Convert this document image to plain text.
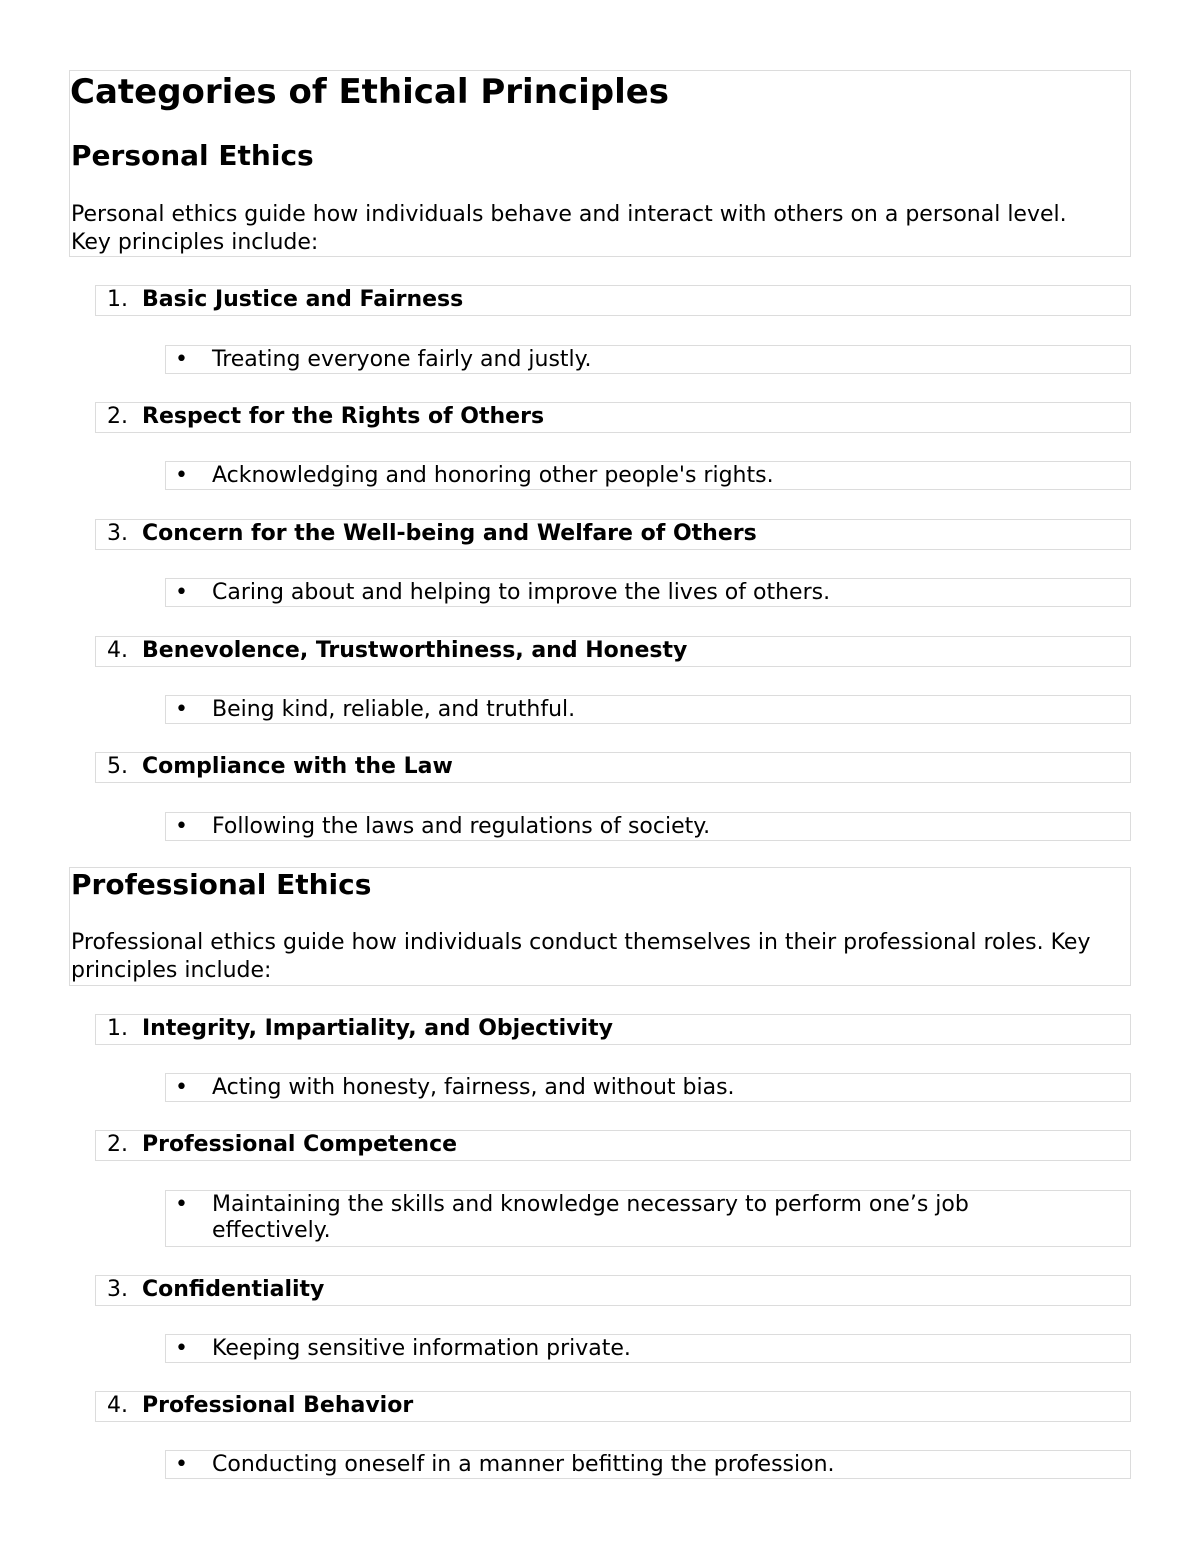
Categories of Ethical Principles
Personal Ethics
Personal ethics guide how individuals behave and interact with others on a personal level. Key principles include:
1. Basic Justice and Fairness
• Treating everyone fairly and justly.
2. Respect for the Rights of Others
• Acknowledging and honoring other people's rights.
3. Concern for the Well-being and Welfare of Others
• Caring about and helping to improve the lives of others.
4. Benevolence, Trustworthiness, and Honesty
• Being kind, reliable, and truthful.
5. Compliance with the Law
• Following the laws and regulations of society.
Professional Ethics
Professional ethics guide how individuals conduct themselves in their professional roles. Key principles include:
1. Integrity, Impartiality, and Objectivity
• Acting with honesty, fairness, and without bias.
2. Professional Competence
• Maintaining the skills and knowledge necessary to perform one’s job effectively.
3. Confidentiality
• Keeping sensitive information private.
4. Professional Behavior
• Conducting oneself in a manner befitting the profession.
